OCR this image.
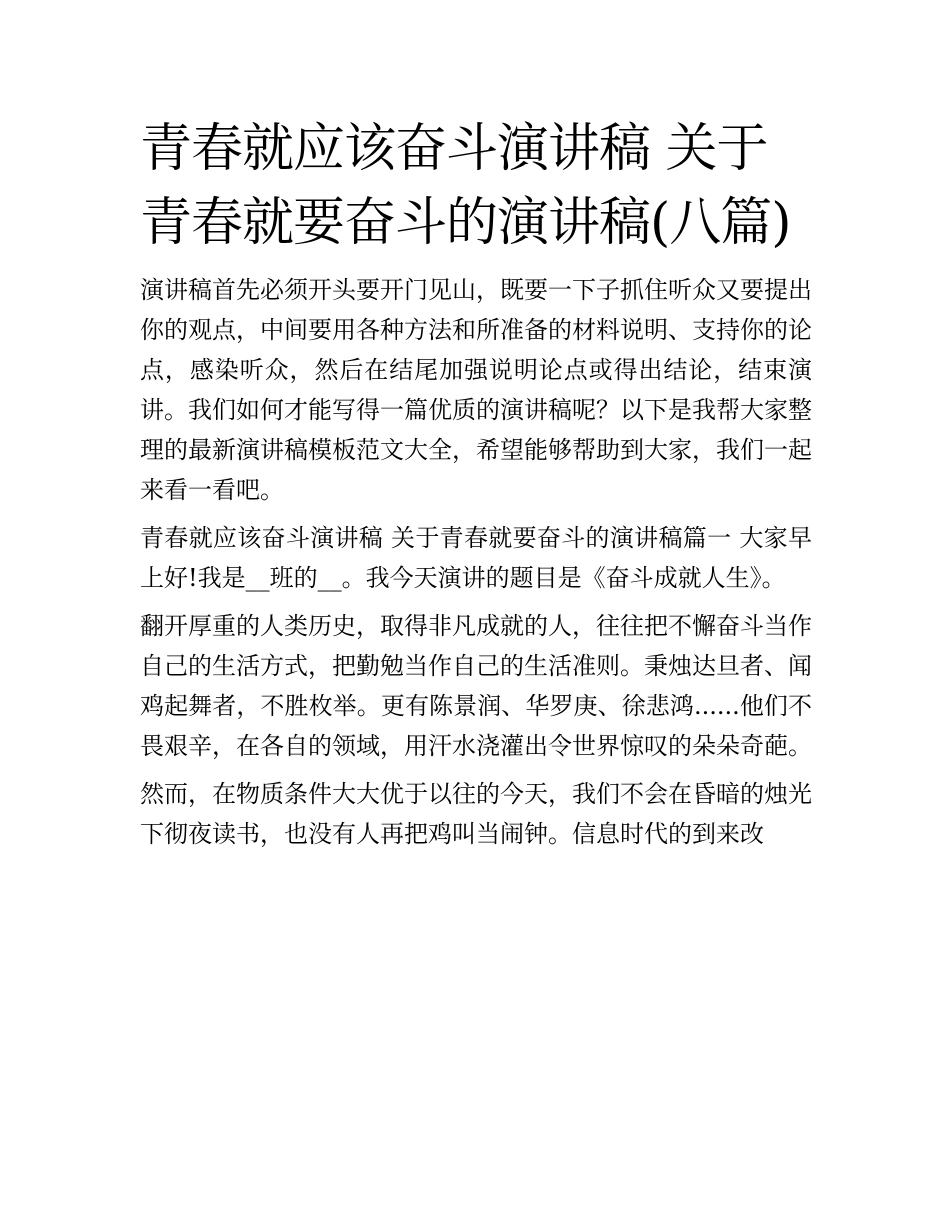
青春就应该奋斗演讲稿 关于青春就要奋斗的演讲稿(八篇)

演讲稿首先必须开头要开门见山，既要一下子抓住听众又要提出你的观点，中间要用各种方法和所准备的材料说明、支持你的论点，感染听众，然后在结尾加强说明论点或得出结论，结束演讲。我们如何才能写得一篇优质的演讲稿呢？以下是我帮大家整理的最新演讲稿模板范文大全，希望能够帮助到大家，我们一起来看一看吧。

青春就应该奋斗演讲稿 关于青春就要奋斗的演讲稿篇一 大家早上好!我是__班的__。我今天演讲的题目是《奋斗成就人生》。

翻开厚重的人类历史，取得非凡成就的人，往往把不懈奋斗当作自己的生活方式，把勤勉当作自己的生活准则。秉烛达旦者、闻鸡起舞者，不胜枚举。更有陈景润、华罗庚、徐悲鸿......他们不畏艰辛，在各自的领域，用汗水浇灌出令世界惊叹的朵朵奇葩。

然而，在物质条件大大优于以往的今天，我们不会在昏暗的烛光下彻夜读书，也没有人再把鸡叫当闹钟。信息时代的到来改
